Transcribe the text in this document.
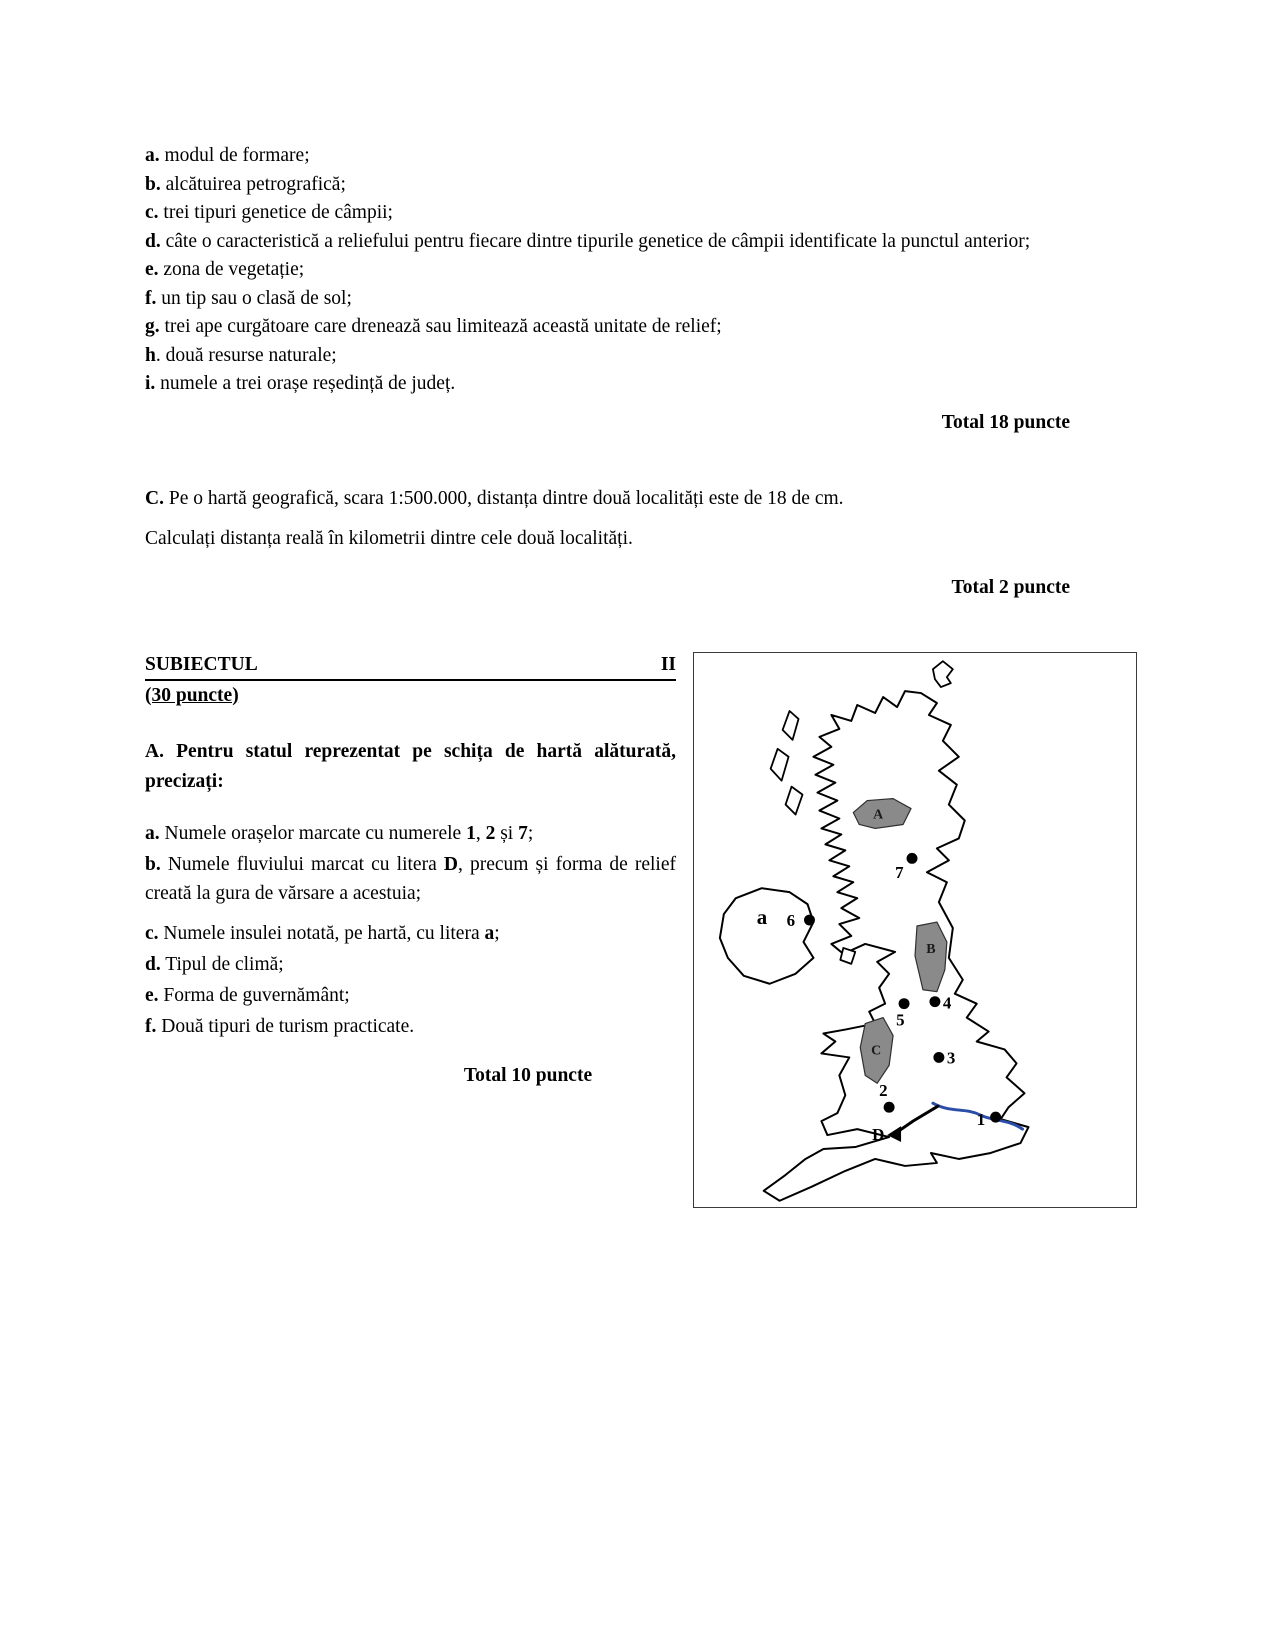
a. modul de formare;

b. alcătuirea petrografică;

c. trei tipuri genetice de câmpii;

d. câte o caracteristică a reliefului pentru fiecare dintre tipurile genetice de câmpii identificate la punctul anterior;

e. zona de vegetație;

f. un tip sau o clasă de sol;

g. trei ape curgătoare care drenează sau limitează această unitate de relief;

h. două resurse naturale;

i. numele a trei orașe reședință de județ.

Total 18 puncte

C. Pe o hartă geografică, scara 1:500.000, distanța dintre două localități este de 18 de cm.

Calculați distanța reală în kilometrii dintre cele două localități.

Total 2 puncte

SUBIECTUL	II

(30 puncte)

A. Pentru statul reprezentat pe schița de hartă alăturată, precizați:

a. Numele orașelor marcate cu numerele 1, 2 și 7;

b. Numele fluviului marcat cu litera D, precum și forma de relief creată la gura de vărsare a acestuia;

c. Numele insulei notată, pe hartă, cu litera a;

d. Tipul de climă;

e. Forma de guvernământ;

f. Două tipuri de turism practicate.

Total 10 puncte

A
B
C
7
6
5
4
3
2
1
a
D
